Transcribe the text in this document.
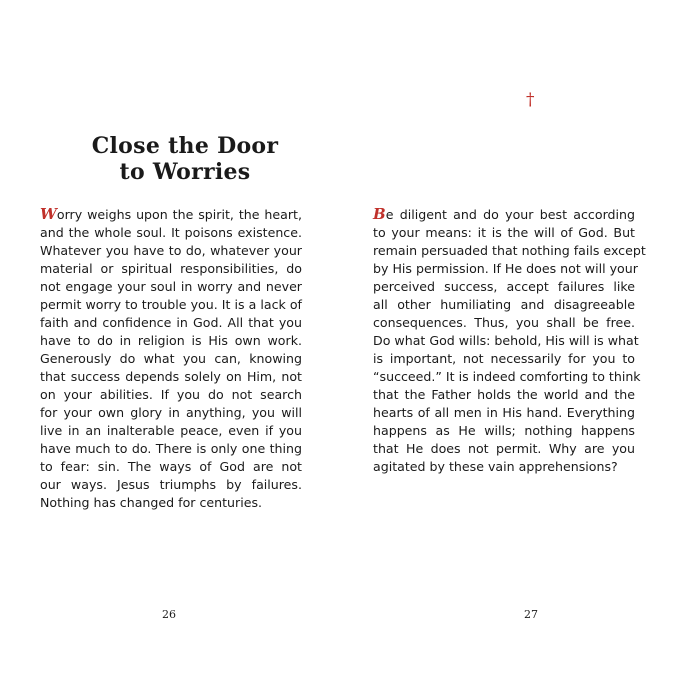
Close the Door
to Worries
Worry weighs upon the spirit, the heart,
and the whole soul. It poisons existence.
Whatever you have to do, whatever your
material or spiritual responsibilities, do
not engage your soul in worry and never
permit worry to trouble you. It is a lack of
faith and confidence in God. All that you
have to do in religion is His own work.
Generously do what you can, knowing
that success depends solely on Him, not
on your abilities. If you do not search
for your own glory in anything, you will
live in an inalterable peace, even if you
have much to do. There is only one thing
to fear: sin. The ways of God are not
our ways. Jesus triumphs by failures.
Nothing has changed for centuries.
26
†
Be diligent and do your best according
to your means: it is the will of God. But
remain persuaded that nothing fails except
by His permission. If He does not will your
perceived success, accept failures like
all other humiliating and disagreeable
consequences. Thus, you shall be free.
Do what God wills: behold, His will is what
is important, not necessarily for you to
“succeed.” It is indeed comforting to think
that the Father holds the world and the
hearts of all men in His hand. Everything
happens as He wills; nothing happens
that He does not permit. Why are you
agitated by these vain apprehensions?
27
